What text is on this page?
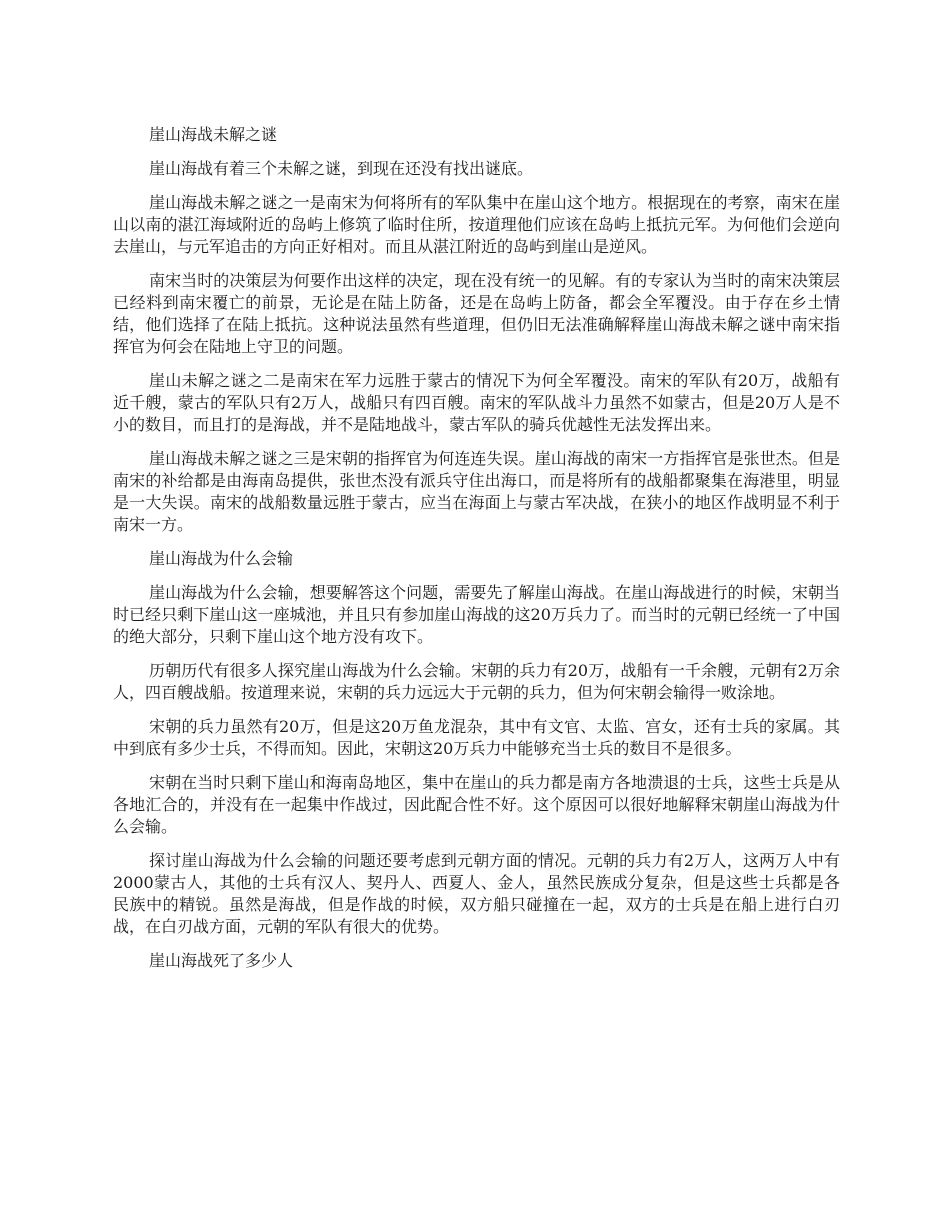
崖山海战未解之谜

崖山海战有着三个未解之谜，到现在还没有找出谜底。

崖山海战未解之谜之一是南宋为何将所有的军队集中在崖山这个地方。根据现在的考察，南宋在崖山以南的湛江海域附近的岛屿上修筑了临时住所，按道理他们应该在岛屿上抵抗元军。为何他们会逆向去崖山，与元军追击的方向正好相对。而且从湛江附近的岛屿到崖山是逆风。

南宋当时的决策层为何要作出这样的决定，现在没有统一的见解。有的专家认为当时的南宋决策层已经料到南宋覆亡的前景，无论是在陆上防备，还是在岛屿上防备，都会全军覆没。由于存在乡土情结，他们选择了在陆上抵抗。这种说法虽然有些道理，但仍旧无法准确解释崖山海战未解之谜中南宋指挥官为何会在陆地上守卫的问题。

崖山未解之谜之二是南宋在军力远胜于蒙古的情况下为何全军覆没。南宋的军队有20万，战船有近千艘，蒙古的军队只有2万人，战船只有四百艘。南宋的军队战斗力虽然不如蒙古，但是20万人是不小的数目，而且打的是海战，并不是陆地战斗，蒙古军队的骑兵优越性无法发挥出来。

崖山海战未解之谜之三是宋朝的指挥官为何连连失误。崖山海战的南宋一方指挥官是张世杰。但是南宋的补给都是由海南岛提供，张世杰没有派兵守住出海口，而是将所有的战船都聚集在海港里，明显是一大失误。南宋的战船数量远胜于蒙古，应当在海面上与蒙古军决战，在狭小的地区作战明显不利于南宋一方。

崖山海战为什么会输

崖山海战为什么会输，想要解答这个问题，需要先了解崖山海战。在崖山海战进行的时候，宋朝当时已经只剩下崖山这一座城池，并且只有参加崖山海战的这20万兵力了。而当时的元朝已经统一了中国的绝大部分，只剩下崖山这个地方没有攻下。

历朝历代有很多人探究崖山海战为什么会输。宋朝的兵力有20万，战船有一千余艘，元朝有2万余人，四百艘战船。按道理来说，宋朝的兵力远远大于元朝的兵力，但为何宋朝会输得一败涂地。

宋朝的兵力虽然有20万，但是这20万鱼龙混杂，其中有文官、太监、宫女，还有士兵的家属。其中到底有多少士兵，不得而知。因此，宋朝这20万兵力中能够充当士兵的数目不是很多。

宋朝在当时只剩下崖山和海南岛地区，集中在崖山的兵力都是南方各地溃退的士兵，这些士兵是从各地汇合的，并没有在一起集中作战过，因此配合性不好。这个原因可以很好地解释宋朝崖山海战为什么会输。

探讨崖山海战为什么会输的问题还要考虑到元朝方面的情况。元朝的兵力有2万人，这两万人中有2000蒙古人，其他的士兵有汉人、契丹人、西夏人、金人，虽然民族成分复杂，但是这些士兵都是各民族中的精锐。虽然是海战，但是作战的时候，双方船只碰撞在一起，双方的士兵是在船上进行白刃战，在白刃战方面，元朝的军队有很大的优势。

崖山海战死了多少人
